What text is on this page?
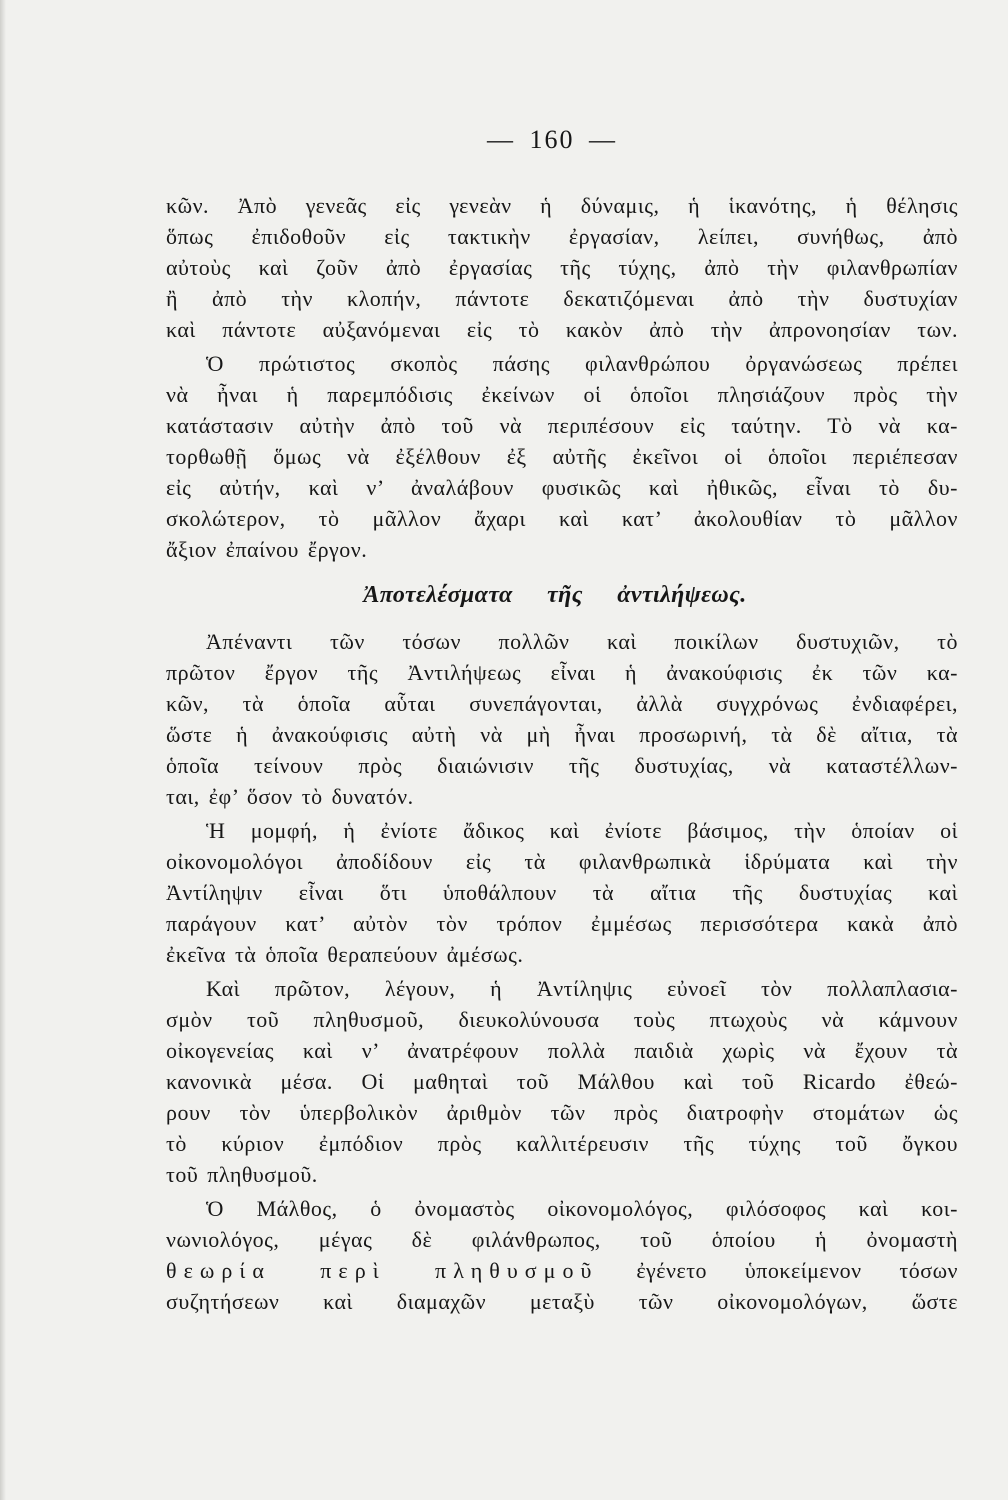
— 160 —
κῶν. Ἀπὸ γενεᾶς εἰς γενεὰν ἡ δύναμις, ἡ ἱκανότης, ἡ θέλησις
ὅπως ἐπιδοθοῦν εἰς τακτικὴν ἐργασίαν, λείπει, συνήθως, ἀπὸ
αὐτοὺς καὶ ζοῦν ἀπὸ ἐργασίας τῆς τύχης, ἀπὸ τὴν φιλανθρωπίαν
ἢ ἀπὸ τὴν κλοπήν, πάντοτε δεκατιζόμεναι ἀπὸ τὴν δυστυχίαν
καὶ πάντοτε αὐξανόμεναι εἰς τὸ κακὸν ἀπὸ τὴν ἀπρονοησίαν των.
Ὁ πρώτιστος σκοπὸς πάσης φιλανθρώπου ὀργανώσεως πρέπει
νὰ ἦναι ἡ παρεμπόδισις ἐκείνων οἱ ὁποῖοι πλησιάζουν πρὸς τὴν
κατάστασιν αὐτὴν ἀπὸ τοῦ νὰ περιπέσουν εἰς ταύτην. Τὸ νὰ κα-
τορθωθῇ ὅμως νὰ ἐξέλθουν ἐξ αὐτῆς ἐκεῖνοι οἱ ὁποῖοι περιέπεσαν
εἰς αὐτήν, καὶ ν’ ἀναλάβουν φυσικῶς καὶ ἠθικῶς, εἶναι τὸ δυ-
σκολώτερον, τὸ μᾶλλον ἄχαρι καὶ κατ’ ἀκολουθίαν τὸ μᾶλλον
ἄξιον ἐπαίνου ἔργον.
Ἀποτελέσματα τῆς ἀντιλήψεως.
Ἀπέναντι τῶν τόσων πολλῶν καὶ ποικίλων δυστυχιῶν, τὸ
πρῶτον ἔργον τῆς Ἀντιλήψεως εἶναι ἡ ἀνακούφισις ἐκ τῶν κα-
κῶν, τὰ ὁποῖα αὗται συνεπάγονται, ἀλλὰ συγχρόνως ἐνδιαφέρει,
ὥστε ἡ ἀνακούφισις αὐτὴ νὰ μὴ ἦναι προσωρινή, τὰ δὲ αἴτια, τὰ
ὁποῖα τείνουν πρὸς διαιώνισιν τῆς δυστυχίας, νὰ καταστέλλων-
ται, ἐφ’ ὅσον τὸ δυνατόν.
Ἡ μομφή, ἡ ἐνίοτε ἄδικος καὶ ἐνίοτε βάσιμος, τὴν ὁποίαν οἱ
οἰκονομολόγοι ἀποδίδουν εἰς τὰ φιλανθρωπικὰ ἱδρύματα καὶ τὴν
Ἀντίληψιν εἶναι ὅτι ὑποθάλπουν τὰ αἴτια τῆς δυστυχίας καὶ
παράγουν κατ’ αὐτὸν τὸν τρόπον ἐμμέσως περισσότερα κακὰ ἀπὸ
ἐκεῖνα τὰ ὁποῖα θεραπεύουν ἀμέσως.
Καὶ πρῶτον, λέγουν, ἡ Ἀντίληψις εὐνοεῖ τὸν πολλαπλασια-
σμὸν τοῦ πληθυσμοῦ, διευκολύνουσα τοὺς πτωχοὺς νὰ κάμνουν
οἰκογενείας καὶ ν’ ἀνατρέφουν πολλὰ παιδιὰ χωρὶς νὰ ἔχουν τὰ
κανονικὰ μέσα. Οἱ μαθηταὶ τοῦ Μάλθου καὶ τοῦ Ricardo ἐθεώ-
ρουν τὸν ὑπερβολικὸν ἀριθμὸν τῶν πρὸς διατροφὴν στομάτων ὡς
τὸ κύριον ἐμπόδιον πρὸς καλλιτέρευσιν τῆς τύχης τοῦ ὄγκου
τοῦ πληθυσμοῦ.
Ὁ Μάλθος, ὁ ὀνομαστὸς οἰκονομολόγος, φιλόσοφος καὶ κοι-
νωνιολόγος, μέγας δὲ φιλάνθρωπος, τοῦ ὁποίου ἡ ὀνομαστὴ
θεωρία περὶ πληθυσμοῦ ἐγένετο ὑποκείμενον τόσων
συζητήσεων καὶ διαμαχῶν μεταξὺ τῶν οἰκονομολόγων, ὥστε
